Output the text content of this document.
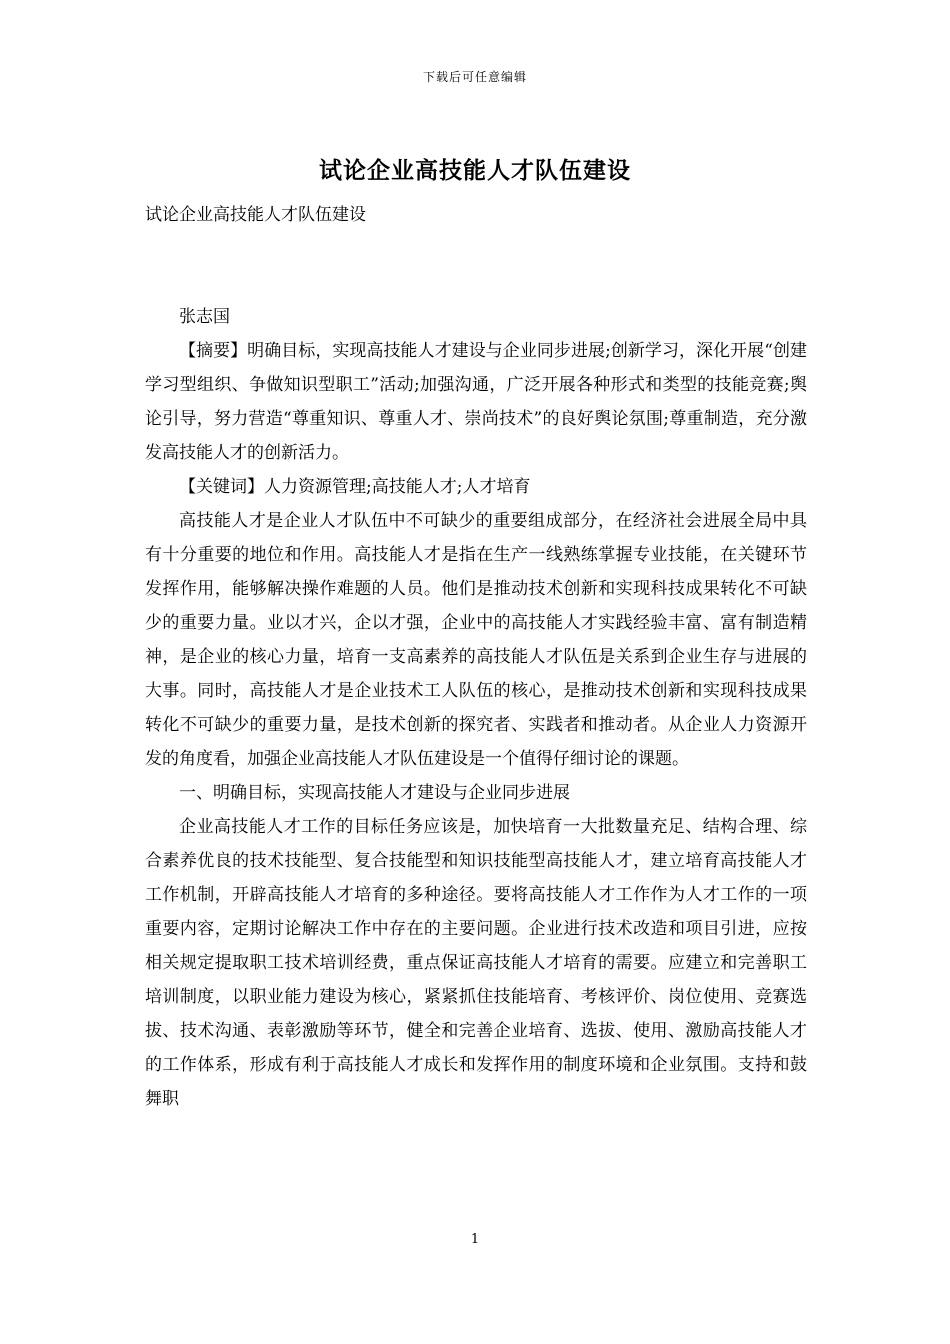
下载后可任意编辑
试论企业高技能人才队伍建设

试论企业高技能人才队伍建设

张志国

【摘要】明确目标，实现高技能人才建设与企业同步进展;创新学习，深化开展“创建学习型组织、争做知识型职工”活动;加强沟通，广泛开展各种形式和类型的技能竞赛;舆论引导，努力营造“尊重知识、尊重人才、崇尚技术”的良好舆论氛围;尊重制造，充分激发高技能人才的创新活力。

【关键词】人力资源管理;高技能人才;人才培育

高技能人才是企业人才队伍中不可缺少的重要组成部分，在经济社会进展全局中具有十分重要的地位和作用。高技能人才是指在生产一线熟练掌握专业技能，在关键环节发挥作用，能够解决操作难题的人员。他们是推动技术创新和实现科技成果转化不可缺少的重要力量。业以才兴，企以才强，企业中的高技能人才实践经验丰富、富有制造精神，是企业的核心力量，培育一支高素养的高技能人才队伍是关系到企业生存与进展的大事。同时，高技能人才是企业技术工人队伍的核心，是推动技术创新和实现科技成果转化不可缺少的重要力量，是技术创新的探究者、实践者和推动者。从企业人力资源开发的角度看，加强企业高技能人才队伍建设是一个值得仔细讨论的课题。

一、明确目标，实现高技能人才建设与企业同步进展

企业高技能人才工作的目标任务应该是，加快培育一大批数量充足、结构合理、综合素养优良的技术技能型、复合技能型和知识技能型高技能人才，建立培育高技能人才工作机制，开辟高技能人才培育的多种途径。要将高技能人才工作作为人才工作的一项重要内容，定期讨论解决工作中存在的主要问题。企业进行技术改造和项目引进，应按相关规定提取职工技术培训经费，重点保证高技能人才培育的需要。应建立和完善职工培训制度，以职业能力建设为核心，紧紧抓住技能培育、考核评价、岗位使用、竞赛选拔、技术沟通、表彰激励等环节，健全和完善企业培育、选拔、使用、激励高技能人才的工作体系，形成有利于高技能人才成长和发挥作用的制度环境和企业氛围。支持和鼓舞职

1
